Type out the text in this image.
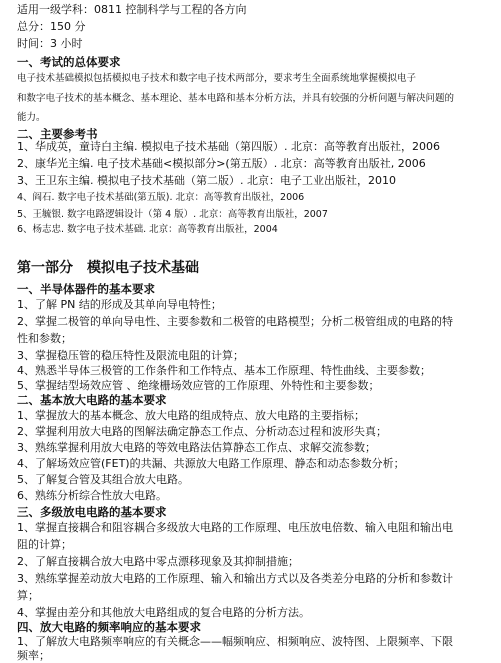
适用一级学科：0811 控制科学与工程的各方向
总分：150 分
时间：3 小时
一、考试的总体要求
电子技术基础模拟包括模拟电子技术和数字电子技术两部分，要求考生全面系统地掌握模拟电子
和数字电子技术的基本概念、基本理论、基本电路和基本分析方法，并具有较强的分析问题与解决问题的
能力。
二、主要参考书
1、华成英，童诗白主编. 模拟电子技术基础（第四版）. 北京：高等教育出版社，2006
2、康华光主编. 电子技术基础<模拟部分>(第五版）. 北京：高等教育出版社, 2006
3、王卫东主编. 模拟电子技术基础（第二版）. 北京：电子工业出版社，2010
4、阎石. 数字电子技术基础(第五版). 北京：高等教育出版社，2006
5、王毓银. 数字电路逻辑设计（第 4 版）. 北京：高等教育出版社，2007
6、杨志忠. 数字电子技术基础. 北京：高等教育出版社，2004
第一部分　模拟电子技术基础
一、半导体器件的基本要求
1、了解 PN 结的形成及其单向导电特性；
2、掌握二极管的单向导电性、主要参数和二极管的电路模型；分析二极管组成的电路的特
性和参数；
3、掌握稳压管的稳压特性及限流电阻的计算；
4、熟悉半导体三极管的工作条件和工作特点、基本工作原理、特性曲线、主要参数；
5、掌握结型场效应管 、绝缘栅场效应管的工作原理、外特性和主要参数；
二、基本放大电路的基本要求
1、掌握放大的基本概念、放大电路的组成特点、放大电路的主要指标；
2、掌握利用放大电路的图解法确定静态工作点、分析动态过程和波形失真；
3、熟练掌握利用放大电路的等效电路法估算静态工作点、求解交流参数；
4、了解场效应管(FET)的共漏、共源放大电路工作原理、静态和动态参数分析；
5、了解复合管及其组合放大电路。
6、熟练分析综合性放大电路。
三、多级放电电路的基本要求
1、掌握直接耦合和阻容耦合多级放大电路的工作原理、电压放电倍数、输入电阻和输出电
阻的计算；
2、了解直接耦合放大电路中零点漂移现象及其抑制措施；
3、熟练掌握差动放大电路的工作原理、输入和输出方式以及各类差分电路的分析和参数计
算；
4、掌握由差分和其他放大电路组成的复合电路的分析方法。
四、放大电路的频率响应的基本要求
1、了解放大电路频率响应的有关概念——幅频响应、相频响应、波特图、上限频率、下限
频率；
